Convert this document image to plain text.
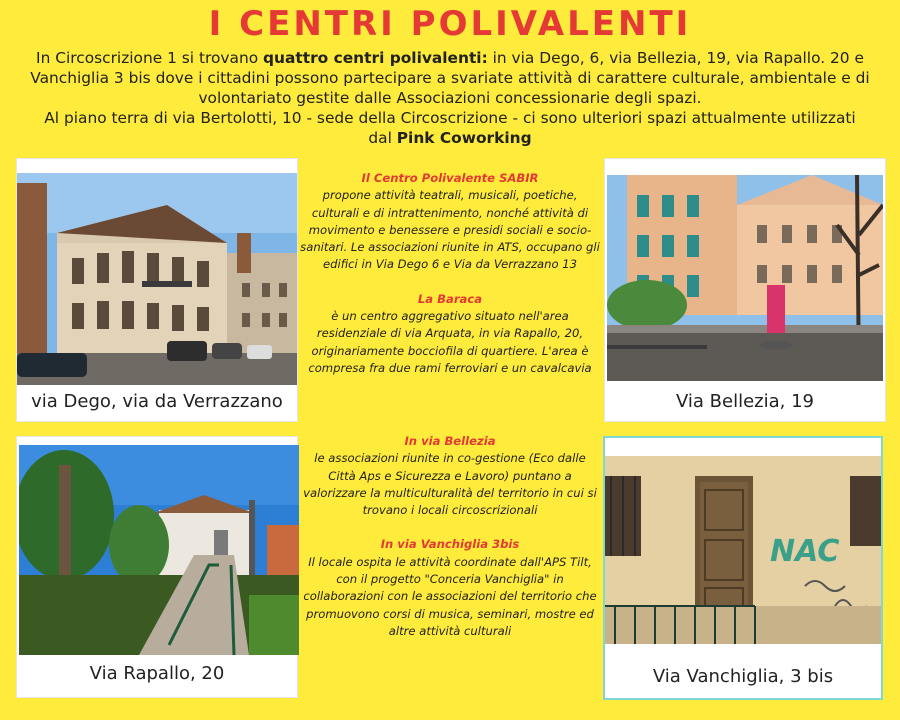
I CENTRI POLIVALENTI
In Circoscrizione 1 si trovano quattro centri polivalenti: in via Dego, 6, via Bellezia, 19, via Rapallo. 20 e Vanchiglia 3 bis dove i cittadini possono partecipare a svariate attività di carattere culturale, ambientale e di volontariato gestite dalle Associazioni concessionarie degli spazi.
Al piano terra di via Bertolotti, 10 - sede della Circoscrizione - ci sono ulteriori spazi attualmente utilizzati dal Pink Coworking
via Dego, via da Verrazzano	Via Bellezia, 19
Via Rapallo, 20
NAC
Via Vanchiglia, 3 bis
Il Centro Polivalente SABIR
propone attività teatrali, musicali, poetiche, culturali e di intrattenimento, nonché attività di movimento e benessere e presidi sociali e socio-sanitari. Le associazioni riunite in ATS, occupano gli edifici in Via Dego 6 e Via da Verrazzano 13
La Baraca
è un centro aggregativo situato nell'area residenziale di via Arquata, in via Rapallo, 20, originariamente bocciofila di quartiere. L'area è compresa fra due rami ferroviari e un cavalcavia
In via Bellezia
le associazioni riunite in co-gestione (Eco dalle Città Aps e Sicurezza e Lavoro) puntano a valorizzare la multiculturalità del territorio in cui si trovano i locali circoscrizionali
In via Vanchiglia 3bis
Il locale ospita le attività coordinate dall'APS Tilt, con il progetto "Conceria Vanchiglia" in collaborazioni con le associazioni del territorio che promuovono corsi di musica, seminari, mostre ed altre attività culturali
